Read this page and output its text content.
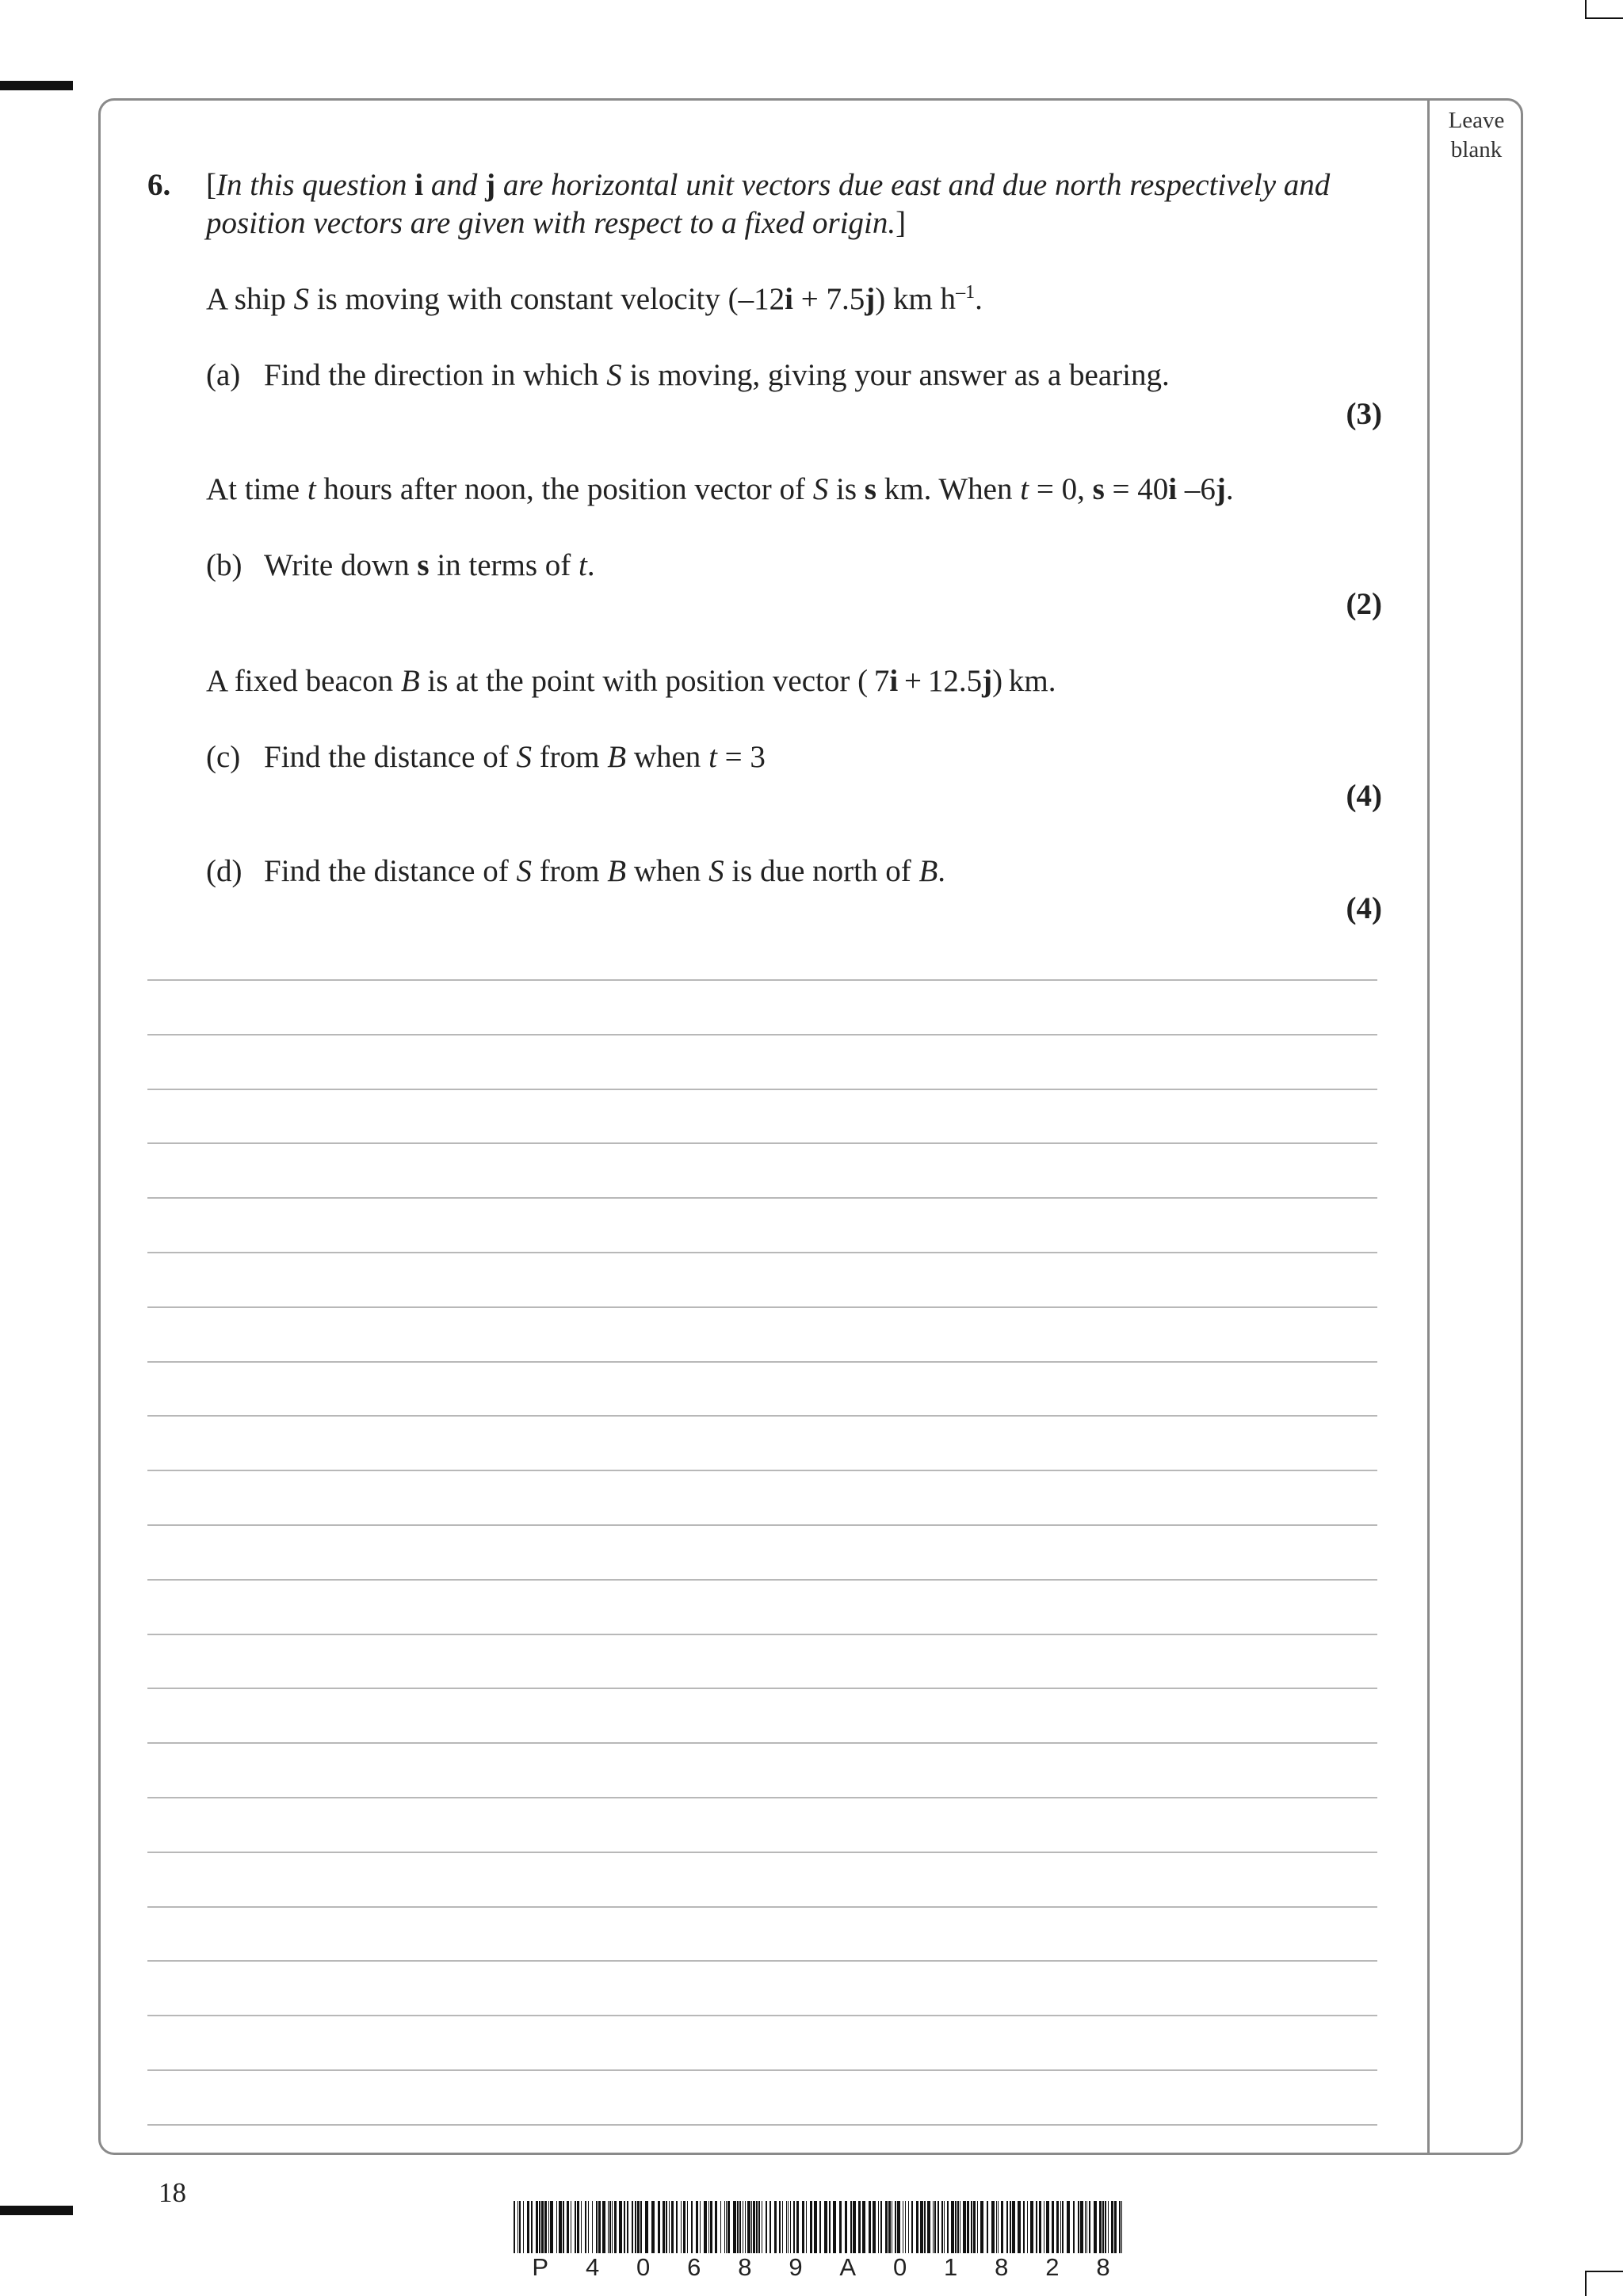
Leave
blank
6. [In this question i and j are horizontal unit vectors due east and due north respectively and
position vectors are given with respect to a fixed origin.]
A ship S is moving with constant velocity (–12i + 7.5j) km $h^{-1}$.
(a) Find the direction in which S is moving, giving your answer as a bearing.
(3)
At time t hours after noon, the position vector of S is s km. When t = 0, s = 40i –6j.
(b) Write down s in terms of t.
(2)
A fixed beacon B is at the point with position vector ( 7i + 12.5j) km.
(c) Find the distance of S from B when t = 3
(4)
(d) Find the distance of S from B when S is due north of B.
(4)
18
P 4 0 6 8 9 A 0 1 8 2 8
